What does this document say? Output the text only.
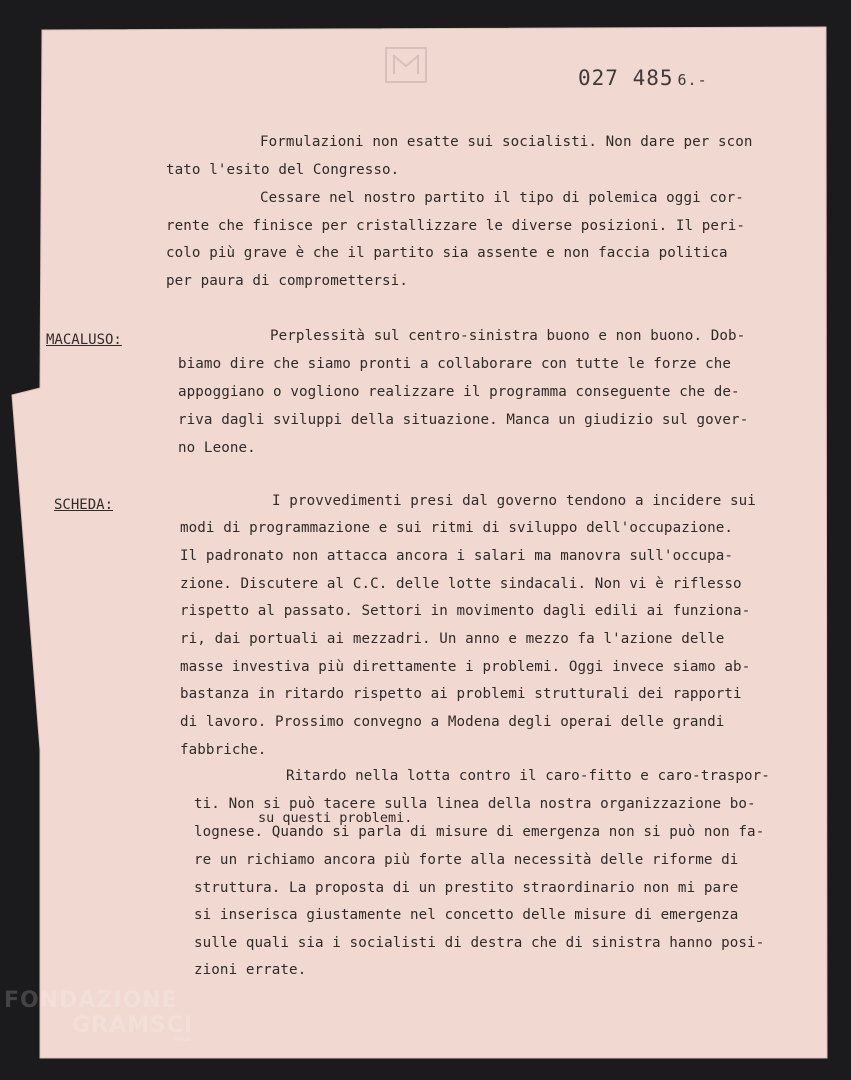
027 485 6.-
Formulazioni non esatte sui socialisti. Non dare per scon
tato l'esito del Congresso.
Cessare nel nostro partito il tipo di polemica oggi cor-
rente che finisce per cristallizzare le diverse posizioni. Il peri-
colo più grave è che il partito sia assente e non faccia politica
per paura di compromettersi.
MACALUSO:	Perplessità sul centro-sinistra buono e non buono. Dob-
biamo dire che siamo pronti a collaborare con tutte le forze che
appoggiano o vogliono realizzare il programma conseguente che de-
riva dagli sviluppi della situazione. Manca un giudizio sul gover-
no Leone.
SCHEDA:	I provvedimenti presi dal governo tendono a incidere sui
modi di programmazione e sui ritmi di sviluppo dell'occupazione.
Il padronato non attacca ancora i salari ma manovra sull'occupa-
zione. Discutere al C.C. delle lotte sindacali. Non vi è riflesso
rispetto al passato. Settori in movimento dagli edili ai funziona-
ri, dai portuali ai mezzadri. Un anno e mezzo fa l'azione delle
masse investiva più direttamente i problemi. Oggi invece siamo ab-
bastanza in ritardo rispetto ai problemi strutturali dei rapporti
di lavoro. Prossimo convegno a Modena degli operai delle grandi
fabbriche.
Ritardo nella lotta contro il caro-fitto e caro-traspor-
ti. Non si può tacere sulla linea della nostra organizzazione bo-
su questi problemi.
lognese. Quando si parla di misure di emergenza non si può non fa-
re un richiamo ancora più forte alla necessità delle riforme di
struttura. La proposta di un prestito straordinario non mi pare
si inserisca giustamente nel concetto delle misure di emergenza
sulle quali sia i socialisti di destra che di sinistra hanno posi-
zioni errate.
FONDAZIONE
GRAMSCI
onlus
